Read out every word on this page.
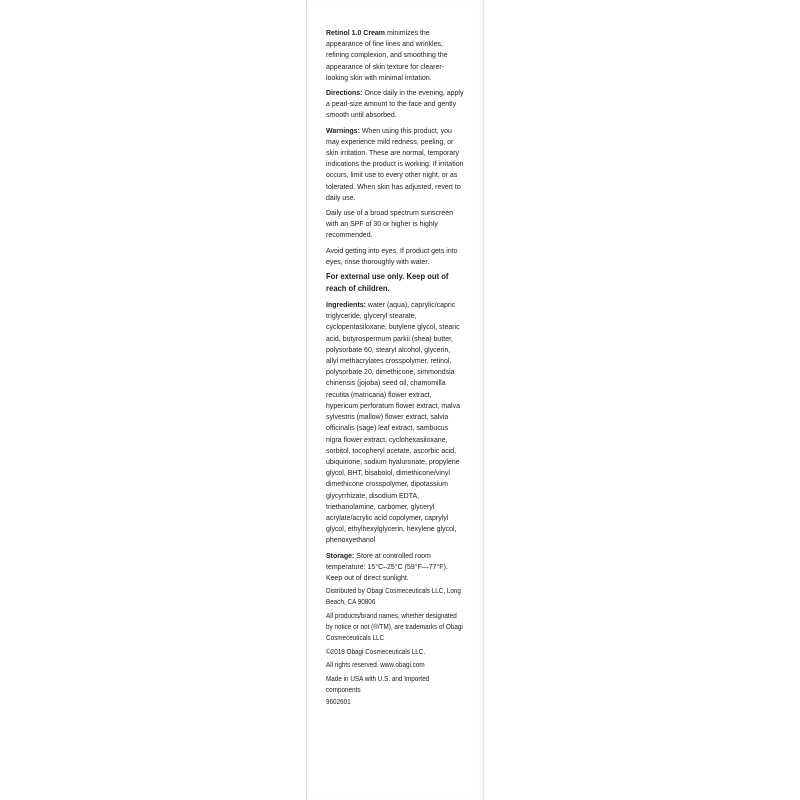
Retinol 1.0 Cream minimizes the appearance of fine lines and wrinkles, refining complexion, and smoothing the appearance of skin texture for clearer-looking skin with minimal irritation.

Directions: Once daily in the evening, apply a pearl-size amount to the face and gently smooth until absorbed.

Warnings: When using this product, you may experience mild redness, peeling, or skin irritation. These are normal, temporary indications the product is working. If irritation occurs, limit use to every other night, or as tolerated. When skin has adjusted, revert to daily use.

Daily use of a broad spectrum sunscreen with an SPF of 30 or higher is highly recommended.

Avoid getting into eyes. If product gets into eyes, rinse thoroughly with water.

For external use only. Keep out of reach of children.

Ingredients: water (aqua), caprylic/capric triglyceride, glyceryl stearate, cyclopentasiloxane, butylene glycol, stearic acid, butyrospermum parkii (shea) butter, polysorbate 60, stearyl alcohol, glycerin, allyl methacrylates crosspolymer, retinol, polysorbate 20, dimethicone, simmondsia chinensis (jojoba) seed oil, chamomilla recutita (matricaria) flower extract, hypericum perforatum flower extract, malva sylvestris (mallow) flower extract, salvia officinalis (sage) leaf extract, sambucus nigra flower extract, cyclohexasiloxane, sorbitol, tocopheryl acetate, ascorbic acid, ubiquinone, sodium hyaluronate, propylene glycol, BHT, bisabolol, dimethicone/vinyl dimethicone crosspolymer, dipotassium glycyrrhizate, disodium EDTA, triethanolamine, carbomer, glyceryl acrylate/acrylic acid copolymer, caprylyl glycol, ethylhexylglycerin, hexylene glycol, phenoxyethanol

Storage: Store at controlled room temperature: 15°C–25°C (59°F—77°F). Keep out of direct sunlight.

Distributed by Obagi Cosmeceuticals LLC, Long Beach, CA 90806

All products/brand names, whether designated by notice or not (®/TM), are trademarks of Obagi Cosmeceuticals LLC

©2018 Obagi Cosmeceuticals LLC.

All rights reserved. www.obagi.com

Made in USA with U.S. and Imported components

9602601
